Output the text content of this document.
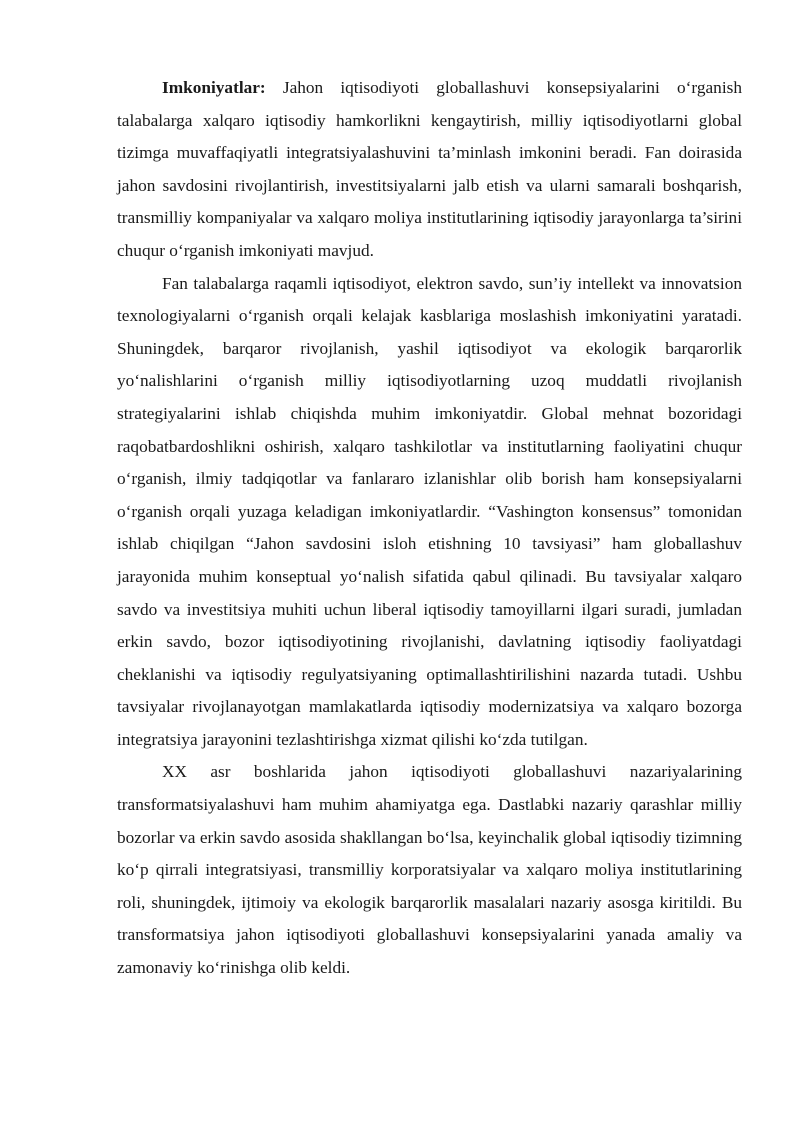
Imkoniyatlar: Jahon iqtisodiyoti globallashuvi konsepsiyalarini o‘rganish talabalarga xalqaro iqtisodiy hamkorlikni kengaytirish, milliy iqtisodiyotlarni global tizimga muvaffaqiyatli integratsiyalashuvini ta’minlash imkonini beradi. Fan doirasida jahon savdosini rivojlantirish, investitsiyalarni jalb etish va ularni samarali boshqarish, transmilliy kompaniyalar va xalqaro moliya institutlarining iqtisodiy jarayonlarga ta’sirini chuqur o‘rganish imkoniyati mavjud.

Fan talabalarga raqamli iqtisodiyot, elektron savdo, sun’iy intellekt va innovatsion texnologiyalarni o‘rganish orqali kelajak kasblariga moslashish imkoniyatini yaratadi. Shuningdek, barqaror rivojlanish, yashil iqtisodiyot va ekologik barqarorlik yo‘nalishlarini o‘rganish milliy iqtisodiyotlarning uzoq muddatli rivojlanish strategiyalarini ishlab chiqishda muhim imkoniyatdir. Global mehnat bozoridagi raqobatbardoshlikni oshirish, xalqaro tashkilotlar va institutlarning faoliyatini chuqur o‘rganish, ilmiy tadqiqotlar va fanlararo izlanishlar olib borish ham konsepsiyalarni o‘rganish orqali yuzaga keladigan imkoniyatlardir. “Vashington konsensus” tomonidan ishlab chiqilgan “Jahon savdosini isloh etishning 10 tavsiyasi” ham globallashuv jarayonida muhim konseptual yo‘nalish sifatida qabul qilinadi. Bu tavsiyalar xalqaro savdo va investitsiya muhiti uchun liberal iqtisodiy tamoyillarni ilgari suradi, jumladan erkin savdo, bozor iqtisodiyotining rivojlanishi, davlatning iqtisodiy faoliyatdagi cheklanishi va iqtisodiy regulyatsiyaning optimallashtirilishini nazarda tutadi. Ushbu tavsiyalar rivojlanayotgan mamlakatlarda iqtisodiy modernizatsiya va xalqaro bozorga integratsiya jarayonini tezlashtirishga xizmat qilishi ko‘zda tutilgan.

XX asr boshlarida jahon iqtisodiyoti globallashuvi nazariyalarining transformatsiyalashuvi ham muhim ahamiyatga ega. Dastlabki nazariy qarashlar milliy bozorlar va erkin savdo asosida shakllangan bo‘lsa, keyinchalik global iqtisodiy tizimning ko‘p qirrali integratsiyasi, transmilliy korporatsiyalar va xalqaro moliya institutlarining roli, shuningdek, ijtimoiy va ekologik barqarorlik masalalari nazariy asosga kiritildi. Bu transformatsiya jahon iqtisodiyoti globallashuvi konsepsiyalarini yanada amaliy va zamonaviy ko‘rinishga olib keldi.
